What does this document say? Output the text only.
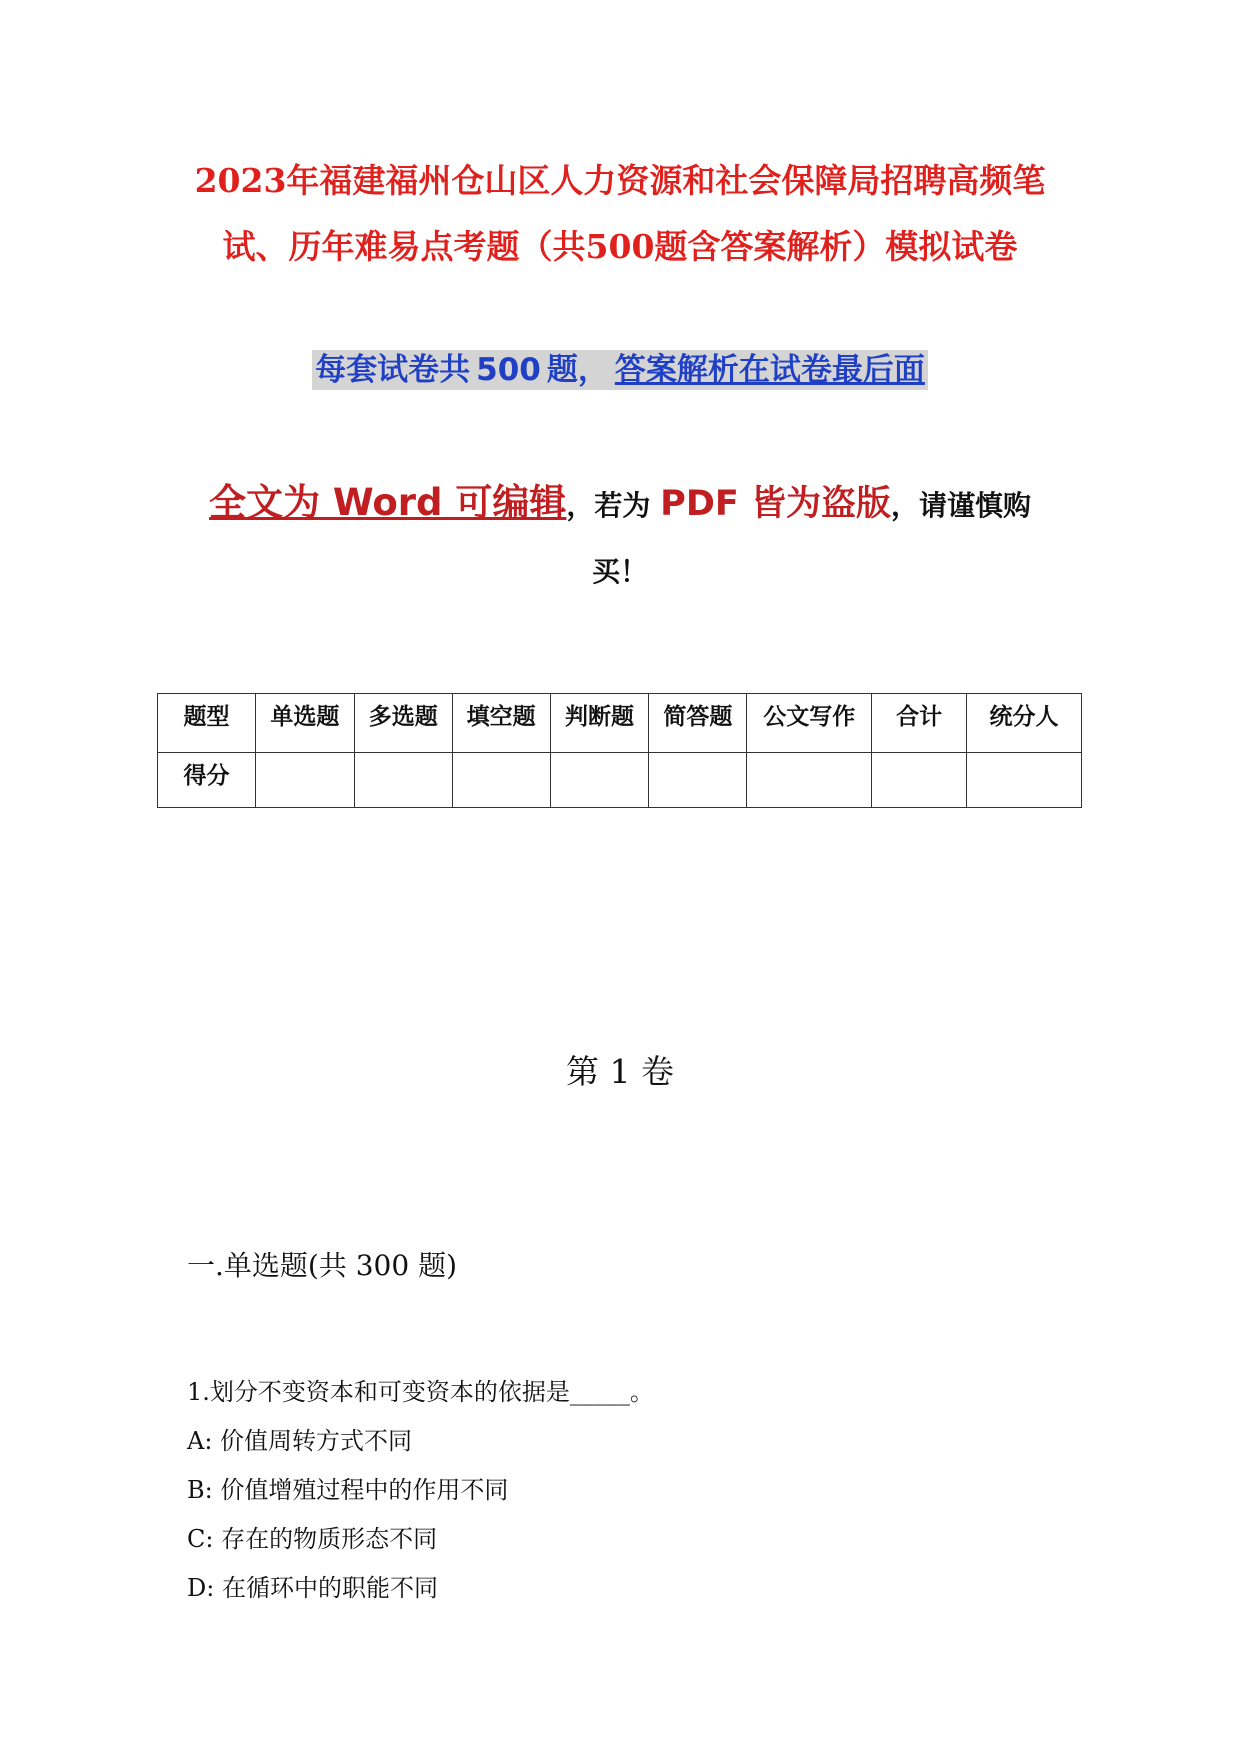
2023年福建福州仓山区人力资源和社会保障局招聘高频笔
试、历年难易点考题（共500题含答案解析）模拟试卷
每套试卷共 500 题， 答案解析在试卷最后面
全文为 Word 可编辑，若为 PDF 皆为盗版，请谨慎购
买！
题型	单选题	多选题	填空题	判断题	简答题	公文写作	合计	统分人
得分								
第 1 卷
一.单选题(共 300 题)
1.划分不变资本和可变资本的依据是_____。
A: 价值周转方式不同
B: 价值增殖过程中的作用不同
C: 存在的物质形态不同
D: 在循环中的职能不同
